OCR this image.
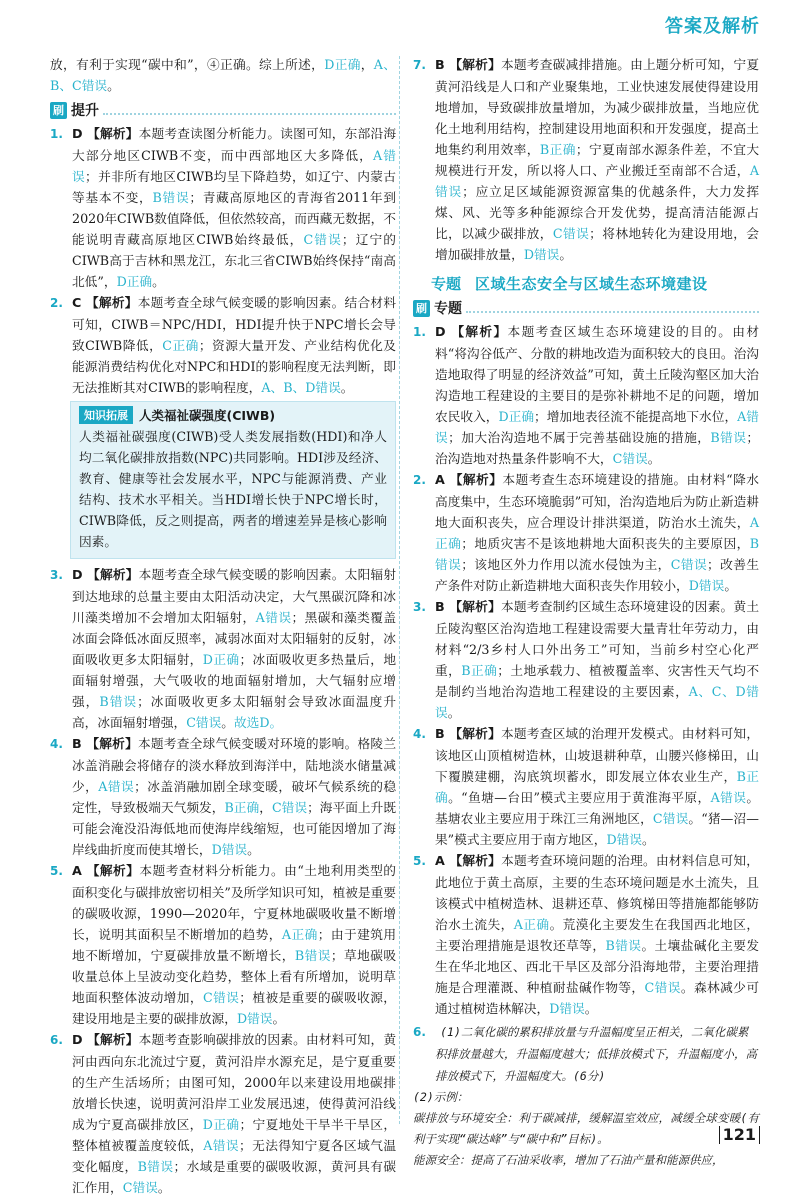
答案及解析

放，有利于实现“碳中和”，④正确。综上所述，D正确，A、B、C错误。

刷 提升

1. D 【解析】本题考查读图分析能力。读图可知，东部沿海大部分地区CIWB不变，而中西部地区大多降低，A错误；并非所有地区CIWB均呈下降趋势，如辽宁、内蒙古等基本不变，B错误；青藏高原地区的青海省2011年到2020年CIWB数值降低，但依然较高，而西藏无数据，不能说明青藏高原地区CIWB始终最低，C错误；辽宁的CIWB高于吉林和黑龙江，东北三省CIWB始终保持“南高北低”，D正确。

2. C 【解析】本题考查全球气候变暖的影响因素。结合材料可知，CIWB＝NPC/HDI，HDI提升快于NPC增长会导致CIWB降低，C正确；资源大量开发、产业结构优化及能源消费结构优化对NPC和HDI的影响程度无法判断，即无法推断其对CIWB的影响程度，A、B、D错误。

知识拓展 人类福祉碳强度(CIWB)

人类福祉碳强度(CIWB)受人类发展指数(HDI)和净人均二氧化碳排放指数(NPC)共同影响。HDI涉及经济、教育、健康等社会发展水平，NPC与能源消费、产业结构、技术水平相关。当HDI增长快于NPC增长时，CIWB降低，反之则提高，两者的增速差异是核心影响因素。

3. D 【解析】本题考查全球气候变暖的影响因素。太阳辐射到达地球的总量主要由太阳活动决定，大气黑碳沉降和冰川藻类增加不会增加太阳辐射，A错误；黑碳和藻类覆盖冰面会降低冰面反照率，减弱冰面对太阳辐射的反射，冰面吸收更多太阳辐射，D正确；冰面吸收更多热量后，地面辐射增强，大气吸收的地面辐射增加，大气辐射应增强，B错误；冰面吸收更多太阳辐射会导致冰面温度升高，冰面辐射增强，C错误。故选D。

4. B 【解析】本题考查全球气候变暖对环境的影响。格陵兰冰盖消融会将储存的淡水释放到海洋中，陆地淡水储量减少，A错误；冰盖消融加剧全球变暖，破坏气候系统的稳定性，导致极端天气频发，B正确，C错误；海平面上升既可能会淹没沿海低地而使海岸线缩短，也可能因增加了海岸线曲折度而使其增长，D错误。

5. A 【解析】本题考查材料分析能力。由“土地利用类型的面积变化与碳排放密切相关”及所学知识可知，植被是重要的碳吸收源，1990—2020年，宁夏林地碳吸收量不断增长，说明其面积呈不断增加的趋势，A正确；由于建筑用地不断增加，宁夏碳排放量不断增长，B错误；草地碳吸收量总体上呈波动变化趋势，整体上看有所增加，说明草地面积整体波动增加，C错误；植被是重要的碳吸收源，建设用地是主要的碳排放源，D错误。

6. D 【解析】本题考查影响碳排放的因素。由材料可知，黄河由西向东北流过宁夏，黄河沿岸水源充足，是宁夏重要的生产生活场所；由图可知，2000年以来建设用地碳排放增长快速，说明黄河沿岸工业发展迅速，使得黄河沿线成为宁夏高碳排放区，D正确；宁夏地处干旱半干旱区，整体植被覆盖度较低，A错误；无法得知宁夏各区域气温变化幅度，B错误；水域是重要的碳吸收源，黄河具有碳汇作用，C错误。

7. B 【解析】本题考查碳减排措施。由上题分析可知，宁夏黄河沿线是人口和产业聚集地，工业快速发展使得建设用地增加，导致碳排放量增加，为减少碳排放量，当地应优化土地利用结构，控制建设用地面积和开发强度，提高土地集约利用效率，B正确；宁夏南部水源条件差，不宜大规模进行开发，所以将人口、产业搬迁至南部不合适，A错误；应立足区域能源资源富集的优越条件，大力发挥煤、风、光等多种能源综合开发优势，提高清洁能源占比，以减少碳排放，C错误；将林地转化为建设用地，会增加碳排放量，D错误。

专题 区域生态安全与区域生态环境建设
刷 专题

1. D 【解析】本题考查区域生态环境建设的目的。由材料“将沟谷低产、分散的耕地改造为面积较大的良田。治沟造地取得了明显的经济效益”可知，黄土丘陵沟壑区加大治沟造地工程建设的主要目的是弥补耕地不足的问题，增加农民收入，D正确；增加地表径流不能提高地下水位，A错误；加大治沟造地不属于完善基础设施的措施，B错误；治沟造地对热量条件影响不大，C错误。

2. A 【解析】本题考查生态环境建设的措施。由材料“降水高度集中，生态环境脆弱”可知，治沟造地后为防止新造耕地大面积丧失，应合理设计排洪渠道，防治水土流失，A正确；地质灾害不是该地耕地大面积丧失的主要原因，B错误；该地区外力作用以流水侵蚀为主，C错误；改善生产条件对防止新造耕地大面积丧失作用较小，D错误。

3. B 【解析】本题考查制约区域生态环境建设的因素。黄土丘陵沟壑区治沟造地工程建设需要大量青壮年劳动力，由材料“2/3乡村人口外出务工”可知，当前乡村空心化严重，B正确；土地承载力、植被覆盖率、灾害性天气均不是制约当地治沟造地工程建设的主要因素，A、C、D错误。

4. B 【解析】本题考查区域的治理开发模式。由材料可知，该地区山顶植树造林，山坡退耕种草，山腰兴修梯田，山下覆膜建棚，沟底筑坝蓄水，即发展立体农业生产，B正确。“鱼塘—台田”模式主要应用于黄淮海平原，A错误。基塘农业主要应用于珠江三角洲地区，C错误。“猪—沼—果”模式主要应用于南方地区，D错误。

5. A 【解析】本题考查环境问题的治理。由材料信息可知，此地位于黄土高原，主要的生态环境问题是水土流失，且该模式中植树造林、退耕还草、修筑梯田等措施都能够防治水土流失，A正确。荒漠化主要发生在我国西北地区，主要治理措施是退牧还草等，B错误。土壤盐碱化主要发生在华北地区、西北干旱区及部分沿海地带，主要治理措施是合理灌溉、种植耐盐碱作物等，C错误。森林减少可通过植树造林解决，D错误。

6. (1)二氧化碳的累积排放量与升温幅度呈正相关，二氧化碳累积排放量越大，升温幅度越大；低排放模式下，升温幅度小，高排放模式下，升温幅度大。(6分)

(2)示例：

碳排放与环境安全：利于碳减排，缓解温室效应，减缓全球变暖(有利于实现“碳达峰”与“碳中和”目标)。

能源安全：提高了石油采收率，增加了石油产量和能源供应，

121
